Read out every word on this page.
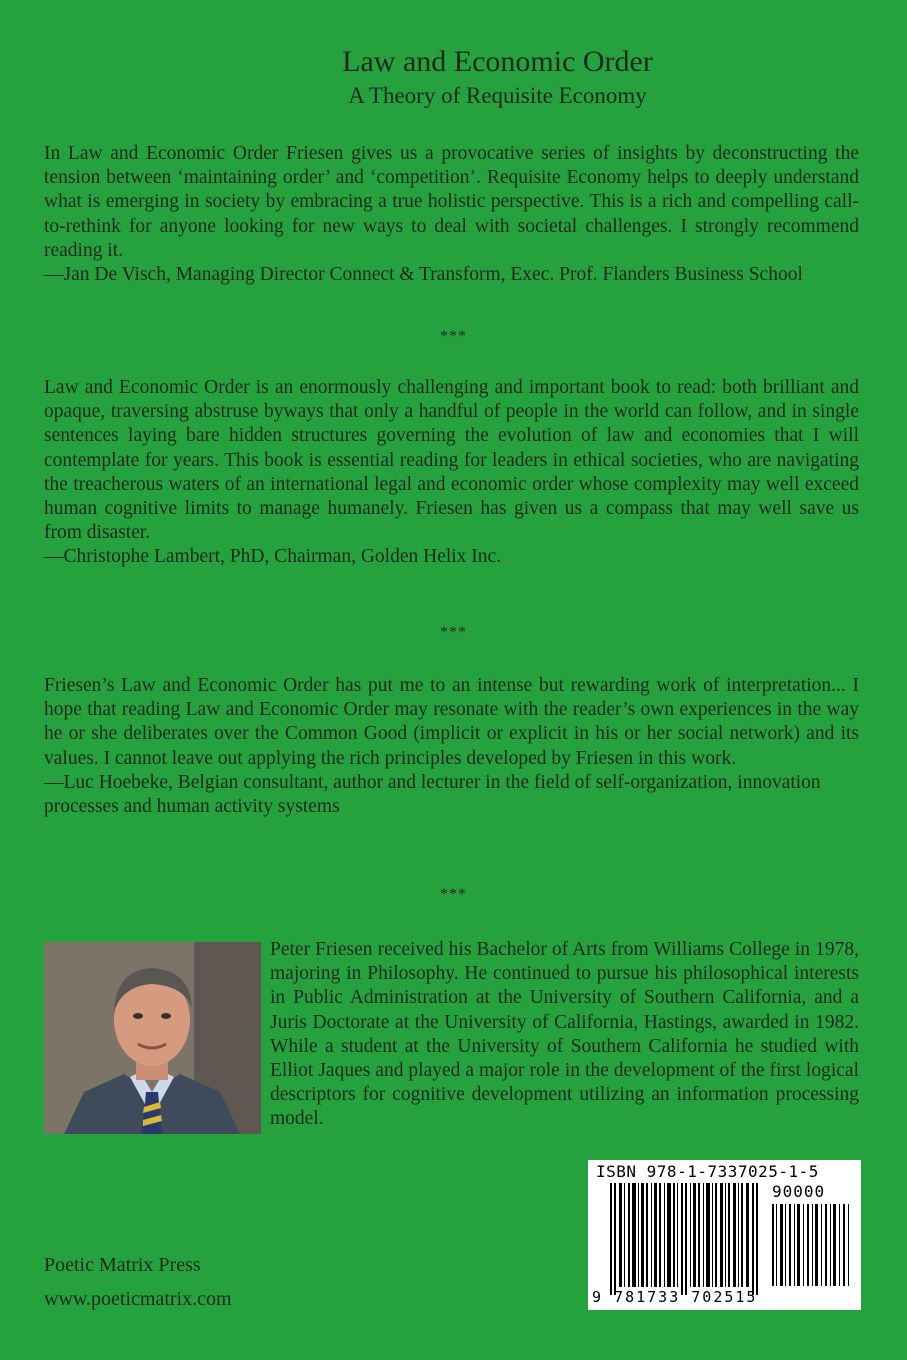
Law and Economic Order
A Theory of Requisite Economy

In Law and Economic Order Friesen gives us a provocative series of insights by deconstructing the tension between ‘maintaining order’ and ‘competition’. Requisite Economy helps to deeply understand what is emerging in society by embracing a true holistic perspective. This is a rich and compelling call-to-rethink for anyone looking for new ways to deal with societal challenges. I strongly recommend reading it.

—Jan De Visch, Managing Director Connect & Transform, Exec. Prof. Flanders Business School

***

Law and Economic Order is an enormously challenging and important book to read: both brilliant and opaque, traversing abstruse byways that only a handful of people in the world can follow, and in single sentences laying bare hidden structures governing the evolution of law and economies that I will contemplate for years. This book is essential reading for leaders in ethical societies, who are navigating the treacherous waters of an international legal and economic order whose complexity may well exceed human cognitive limits to manage humanely. Friesen has given us a compass that may well save us from disaster.

—Christophe Lambert, PhD, Chairman, Golden Helix Inc.

***

Friesen’s Law and Economic Order has put me to an intense but rewarding work of interpretation... I hope that reading Law and Economic Order may resonate with the reader’s own experiences in the way he or she deliberates over the Common Good (implicit or explicit in his or her social network) and its values. I cannot leave out applying the rich principles developed by Friesen in this work.

—Luc Hoebeke, Belgian consultant, author and lecturer in the field of self-organization, innovation processes and human activity systems

***
Peter Friesen received his Bachelor of Arts from Williams College in 1978, majoring in Philosophy. He continued to pursue his philosophical interests in Public Administration at the University of Southern California, and a Juris Doctorate at the University of California, Hastings, awarded in 1982. While a student at the University of Southern California he studied with Elliot Jaques and played a major role in the development of the first logical descriptors for cognitive development utilizing an information processing model.
Poetic Matrix Press
www.poeticmatrix.com
ISBN 978-1-7337025-1-5
90000
9 781733 702515
